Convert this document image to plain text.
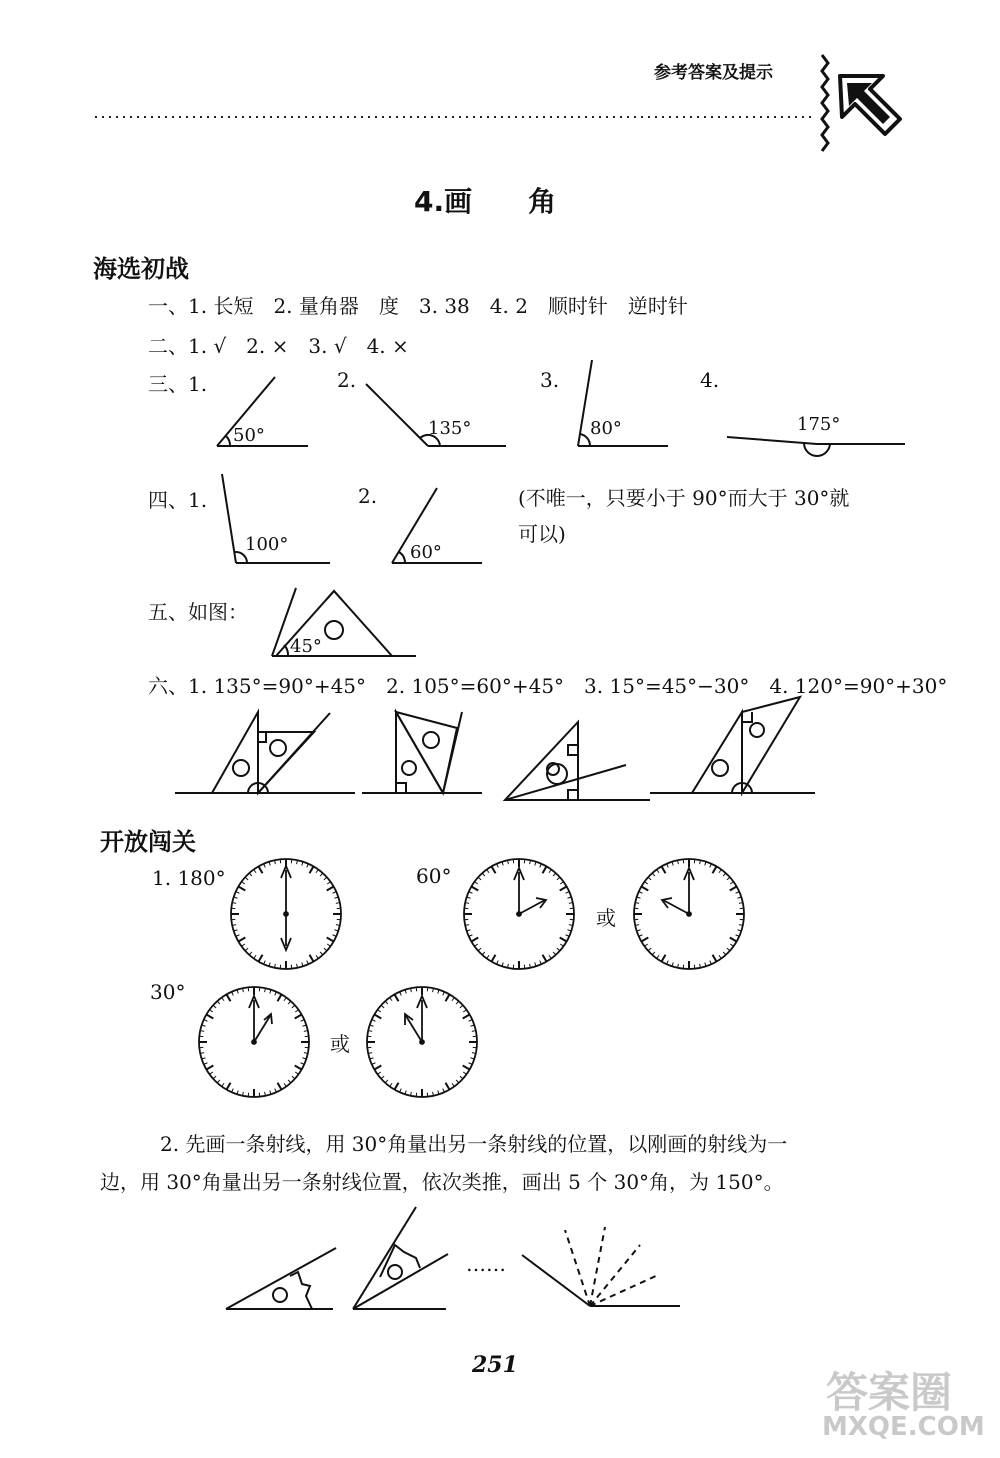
参考答案及提示
4.画　　角
海选初战
一、1. 长短　2. 量角器　度　3. 38　4. 2　顺时针　逆时针
二、1. √　2. ×　3. √　4. ×
三、1.	2.	3.	4.
50°	135°	80°	175°
四、1.	2.
100°	60°
(不唯一，只要小于 90°而大于 30°就
可以)
五、如图：
45°
六、1. 135°=90°+45°　2. 105°=60°+45°　3. 15°=45°−30°　4. 120°=90°+30°
开放闯关
1. 180°	60°
或
30°
或
2. 先画一条射线，用 30°角量出另一条射线的位置，以刚画的射线为一
边，用 30°角量出另一条射线位置，依次类推，画出 5 个 30°角，为 150°。
……
251
答案圈
MXQE.COM
